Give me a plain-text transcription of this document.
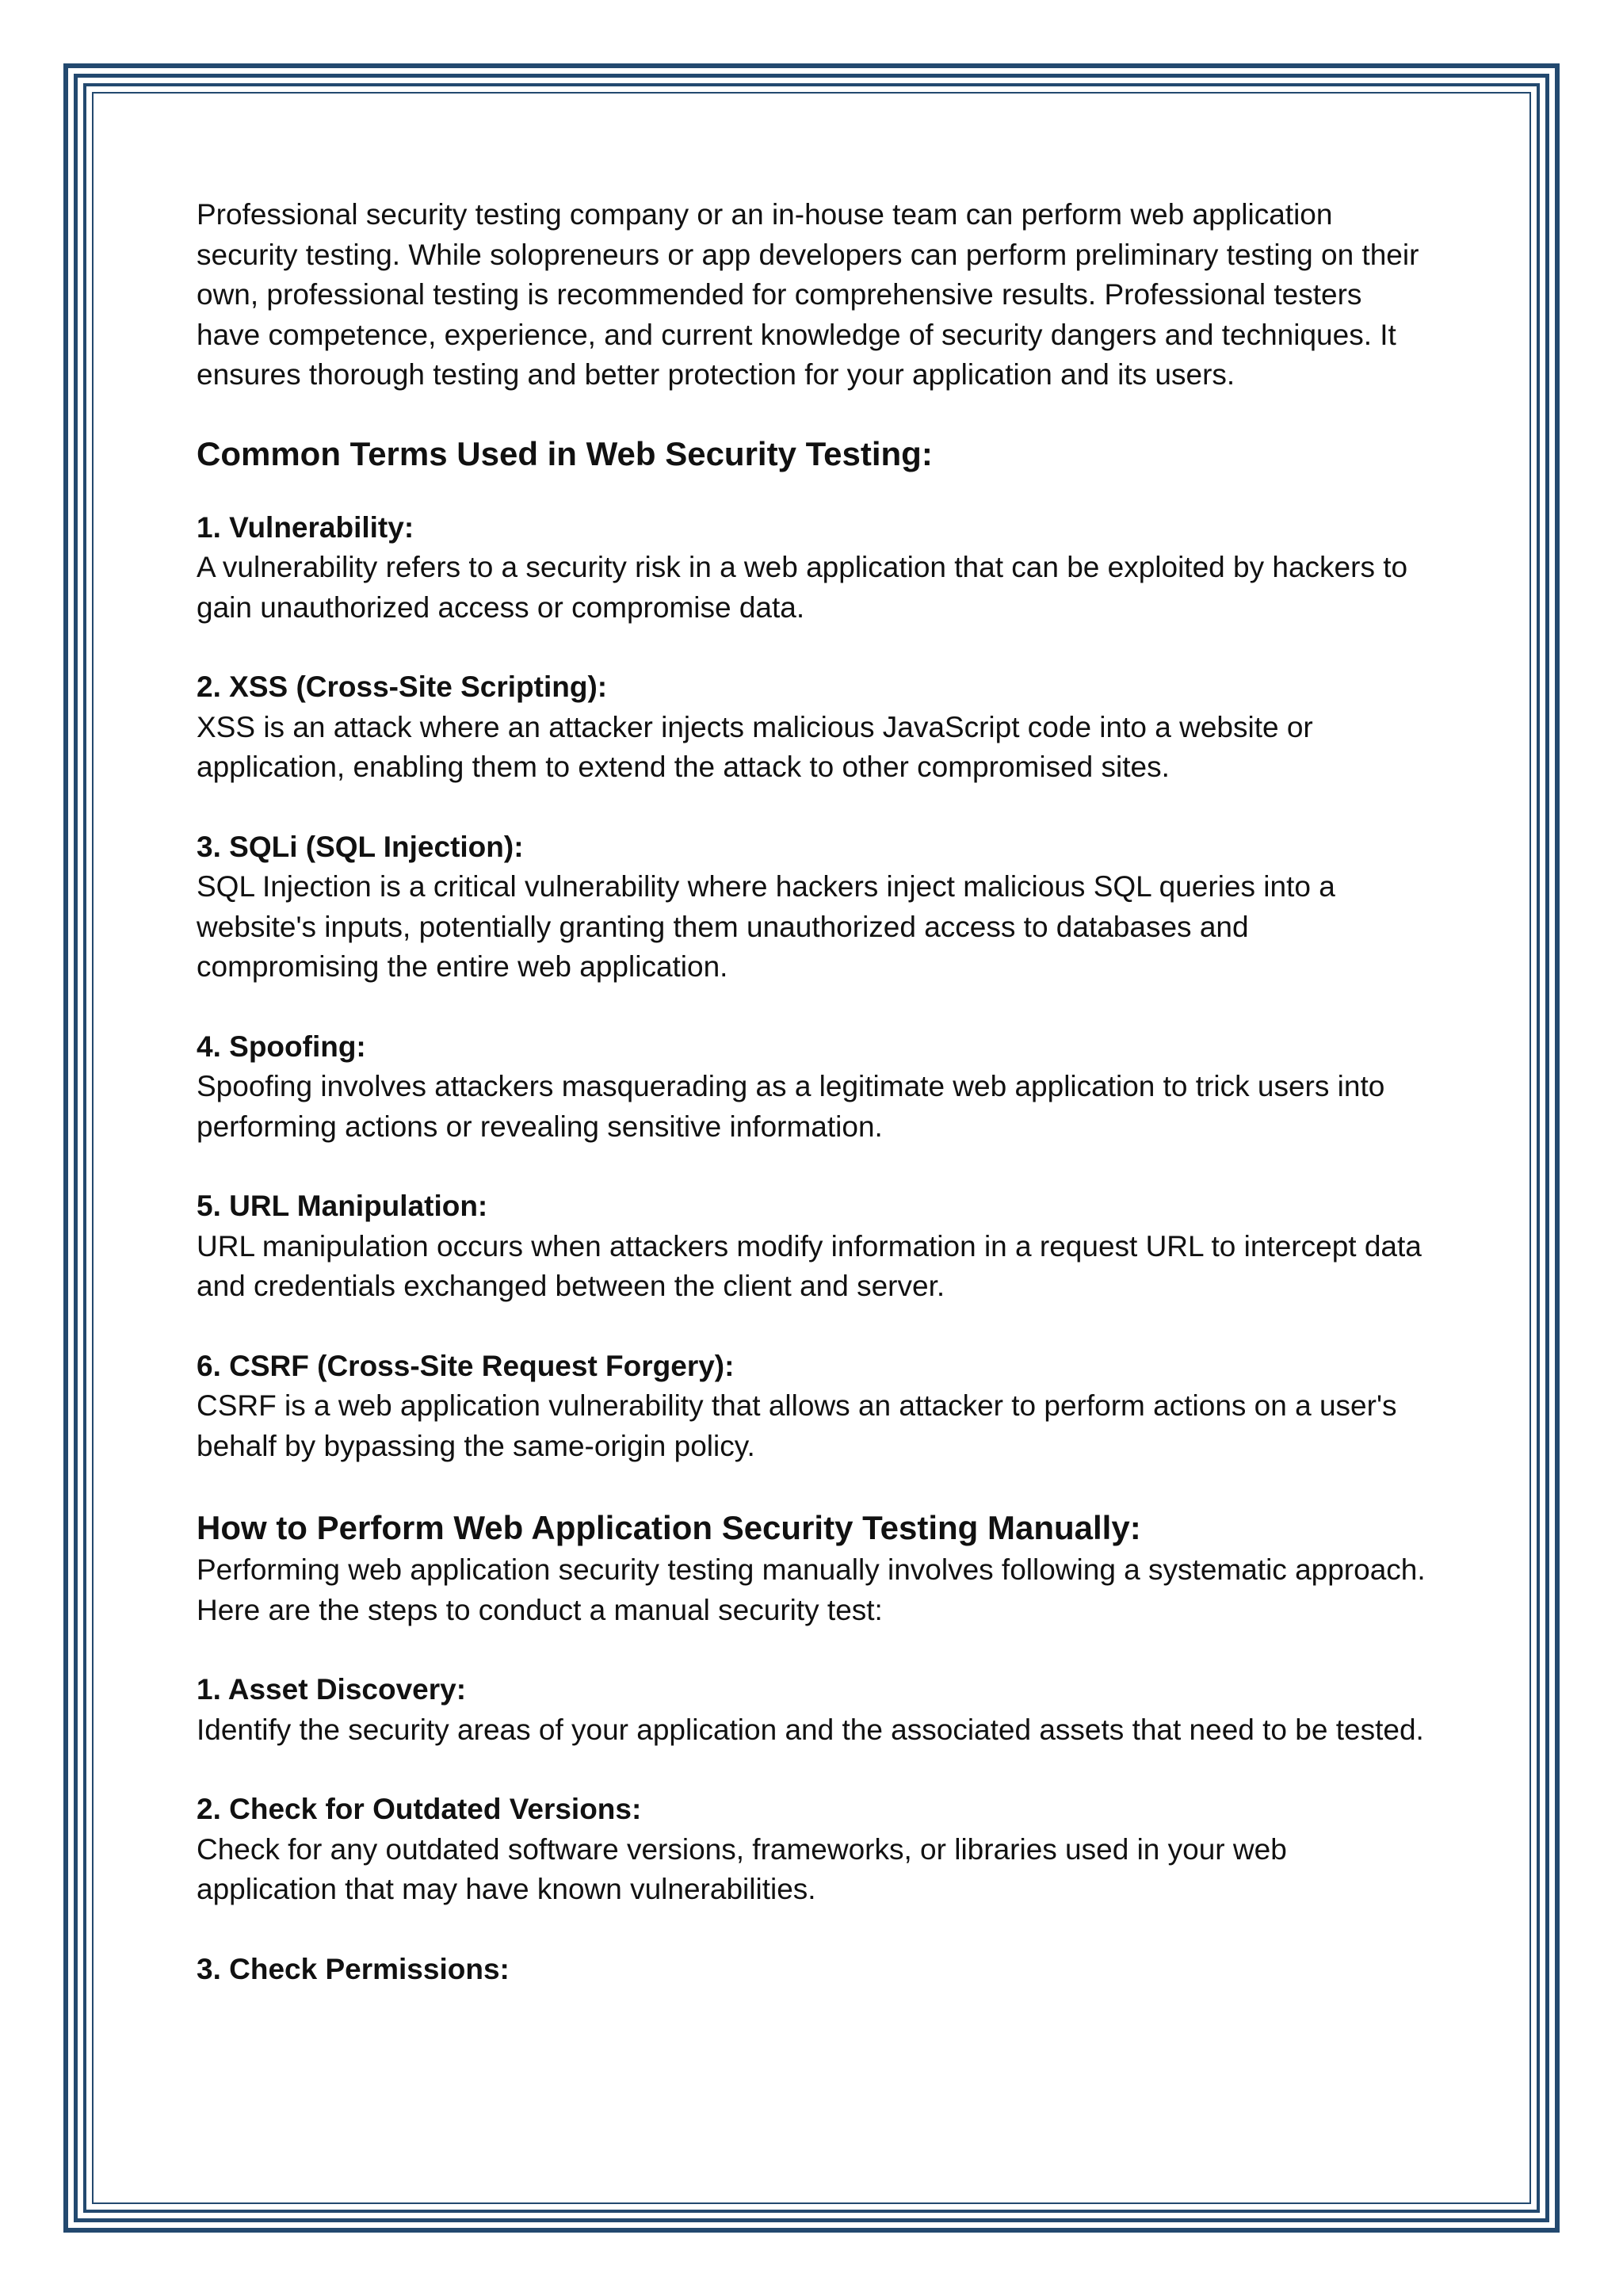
Professional security testing company or an in-house team can perform web application security testing. While solopreneurs or app developers can perform preliminary testing on their own, professional testing is recommended for comprehensive results. Professional testers have competence, experience, and current knowledge of security dangers and techniques. It ensures thorough testing and better protection for your application and its users.

Common Terms Used in Web Security Testing:
1. Vulnerability:
A vulnerability refers to a security risk in a web application that can be exploited by hackers to gain unauthorized access or compromise data.
2. XSS (Cross-Site Scripting):
XSS is an attack where an attacker injects malicious JavaScript code into a website or application, enabling them to extend the attack to other compromised sites.
3. SQLi (SQL Injection):
SQL Injection is a critical vulnerability where hackers inject malicious SQL queries into a website's inputs, potentially granting them unauthorized access to databases and compromising the entire web application.
4. Spoofing:
Spoofing involves attackers masquerading as a legitimate web application to trick users into performing actions or revealing sensitive information.
5. URL Manipulation:
URL manipulation occurs when attackers modify information in a request URL to intercept data and credentials exchanged between the client and server.
6. CSRF (Cross-Site Request Forgery):
CSRF is a web application vulnerability that allows an attacker to perform actions on a user's behalf by bypassing the same-origin policy.
How to Perform Web Application Security Testing Manually:

Performing web application security testing manually involves following a systematic approach. Here are the steps to conduct a manual security test:

1. Asset Discovery:
Identify the security areas of your application and the associated assets that need to be tested.
2. Check for Outdated Versions:
Check for any outdated software versions, frameworks, or libraries used in your web application that may have known vulnerabilities.
3. Check Permissions:
